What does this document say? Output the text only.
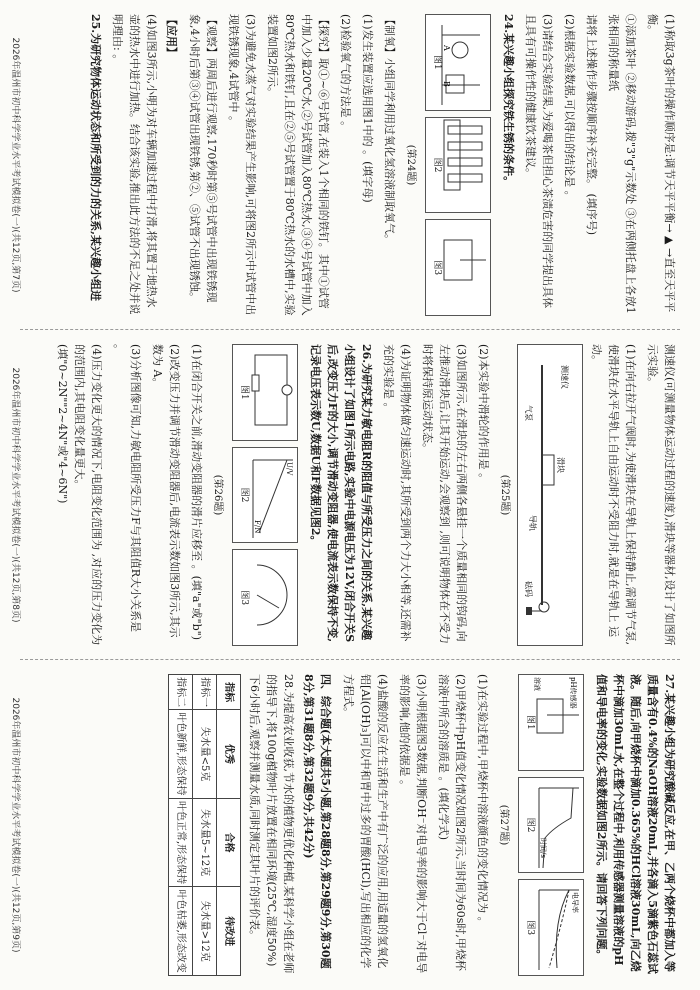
(1)称取3g茶叶的操作顺序是:调节天平平衡→ ▲ →直至天平平衡。

①添加茶叶 ②移动游码,拨"3"g"示数处 ③在两侧托盘上各放1张相同的称量纸

请将上述操作步骤按顺序补充完整。 (填序号)

(2)根据实验数据,可以得出的结论是 。

(3)请结合实验结果,为爱喝茶但担心茶渍危害的同学提出具体且具有可操作性的健康饮茶建议。

24.某兴趣小组探究铁生锈的条件。

A
B
图1
图2
图3

(第24题)

【制氧】小组同学利用过氧化氢溶液制取氧气。

(1)发生装置应选用图1中的 。(填字母)

(2)检验氧气的方法是 。

【探究】取①~⑥号试管,在装入1个相同的铁钉。其中①试管中加入少量20℃水,②号试管加入80℃热水,③④号试管中加入80℃热水和铁钉,且在②⑤号试管置于80℃热水的水槽中,实验装置如图2所示。

(3)为避免水蒸气对实验结果产生影响,可将图2所示中试管中出现铁锈现象,4试管中 。

【观察】两周后进行观察,170秒时第⑤号试管中出现铁锈现象,4小时后第③④试管出现铁锈,第②、⑤试管不出现锈蚀。

【应用】

(4)如图3所示,小明为对车辆加速过程中打滑,将其置于地热水壶的热水中进行加热。结合该实验,推出此方法的不足之处并说明理由: 。

25.为研究物体运动状态和所受到的力的关系,某兴趣小组进

2026年温州市初中科学学业水平考试模拟卷(一)(共12页,第7页)

测速仪(可测量物体运动过程的速度),滑块等器材,设计了如图所示实验。

(1)在向右拉开气阀时,为使滑块在导轨上保持静止,需调节气泵,使滑块在水平导轨上自由运动时不受阻力时,就是在导轨上 运动。

测速仪
滑块
导轨
砝码
气泵

(第25题)

(2)本实验中滑轮的作用是 。

(3)如图所示,在滑块的左右两侧各悬挂一个质量相同的钩码,向左推动滑块后,让其开始运动,会观察到 ,则可说明物体在不受力时将保持原运动状态。

(4)为证明物体做匀速运动时,其所受到两个力大小相等,还需补充的实验是 。

26.为研究某力敏电阻R的阻值与所受压力之间的关系,某兴趣小组设计了如图1所示电路,实验中电源电压为12V,闭合开关S后,改变压力F的大小,调节滑动变阻器,使电流表示数保持不变,记录电压表示数U,数据U和F数据见图2。

图1
U/V
F/N
图2
图3

(第26题)

(1)在闭合开关之前,滑动变阻器的滑片应移至 。(填"a"或"b")

(2)改变压力并调节滑动变阻器后,电流表示数如图3所示,其示数为 A。

(3)分析图像可知,力敏电阻所受压力F与其阻值R大小关系是 。

(4)压力变化更大的情况下,电阻变化范围为 ,对应的压力变化为 的范围内,其电阻变化量更大。(填"0~2N""2~4N"或"4~6N")

2026年温州市初中科学学业水平考试模拟卷(一)(共12页,第8页)

27.某兴趣小组为研究酸碱反应,在甲、乙两个烧杯中都加入等质量含有0.4%的NaOH溶液20mL,并各滴入5滴紫色石蕊试液。随后,向甲烧杯中滴加0.365%的HCl溶液30mL,向乙烧杯中滴加30mL水,在整个过程中,利用传感器测量溶液的pH值和导电率的变化,实验数据如图2所示。请回答下列问题。

pH传感器
溶液
图1
时间/s
图2
电导率
图3

(第27题)

(1)在实验过程中,甲烧杯中溶液颜色的变化情况为 。

(2)甲烧杯中pH值变化情况如图2所示,当时间为60s时,甲烧杯溶液中所含的溶质是 。(填化学式)

(3)小明根据图3数据,判断OH⁻对电导率的影响大于Cl⁻对电导率的影响,他的依据是 。

(4)盐酸的反应在生活和生产中有广泛的应用,用适量的氢氧化铝[Al(OH)₃]可以中和胃中过多的胃酸(HCl),写出相应的化学方程式。

四、综合题(本大题共5小题,第28题8分,第29题9分,第30题8分,第31题8分,第32题9分,共42分)

28.为提高农业收获,节水的植物更优化种植,某科学小组在老师的指导下,将100g植物叶片放置在相同环境(25℃,湿度50%)下6小时后,观察并测量水质,同时测定其叶片的评价表。

指标	优秀	合格	待改进
指标一	失水量<5克	失水量5~12克	失水量>12克
指标二	叶色新鲜,形态保持	叶色正常,形态保持	叶色枯萎,形态改变
2026年温州市初中科学学业水平考试模拟卷(一)(共12页,第9页)
